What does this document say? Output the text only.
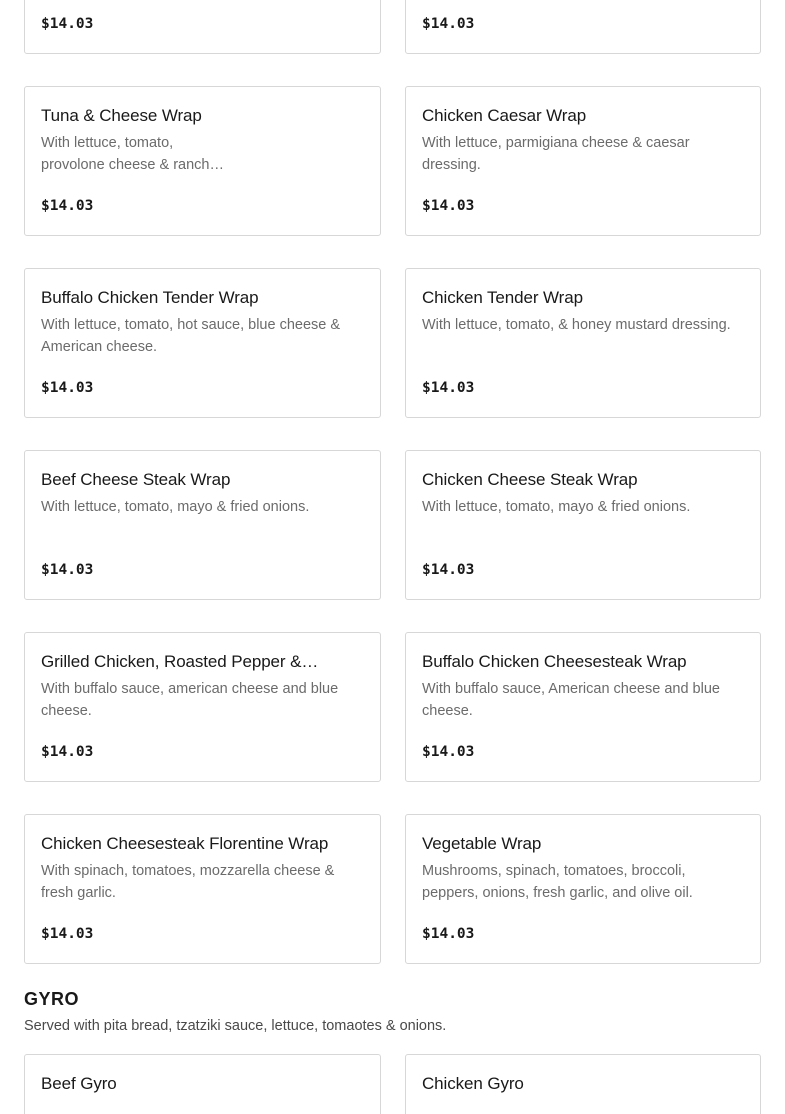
$14.03	$14.03
Tuna & Cheese Wrap
With lettuce, tomato, provolone cheese & ranch…
$14.03
Chicken Caesar Wrap
With lettuce, parmigiana cheese & caesar dressing.
$14.03
Buffalo Chicken Tender Wrap
With lettuce, tomato, hot sauce, blue cheese & American cheese.
$14.03
Chicken Tender Wrap
With lettuce, tomato, & honey mustard dressing.
$14.03
Beef Cheese Steak Wrap
With lettuce, tomato, mayo & fried onions.
$14.03
Chicken Cheese Steak Wrap
With lettuce, tomato, mayo & fried onions.
$14.03
Grilled Chicken, Roasted Pepper &…
With buffalo sauce, american cheese and blue cheese.
$14.03
Buffalo Chicken Cheesesteak Wrap
With buffalo sauce, American cheese and blue cheese.
$14.03
Chicken Cheesesteak Florentine Wrap
With spinach, tomatoes, mozzarella cheese & fresh garlic.
$14.03
Vegetable Wrap
Mushrooms, spinach, tomatoes, broccoli, peppers, onions, fresh garlic, and olive oil.
$14.03
GYRO
Served with pita bread, tzatziki sauce, lettuce, tomaotes & onions.
Beef Gyro	Chicken Gyro
